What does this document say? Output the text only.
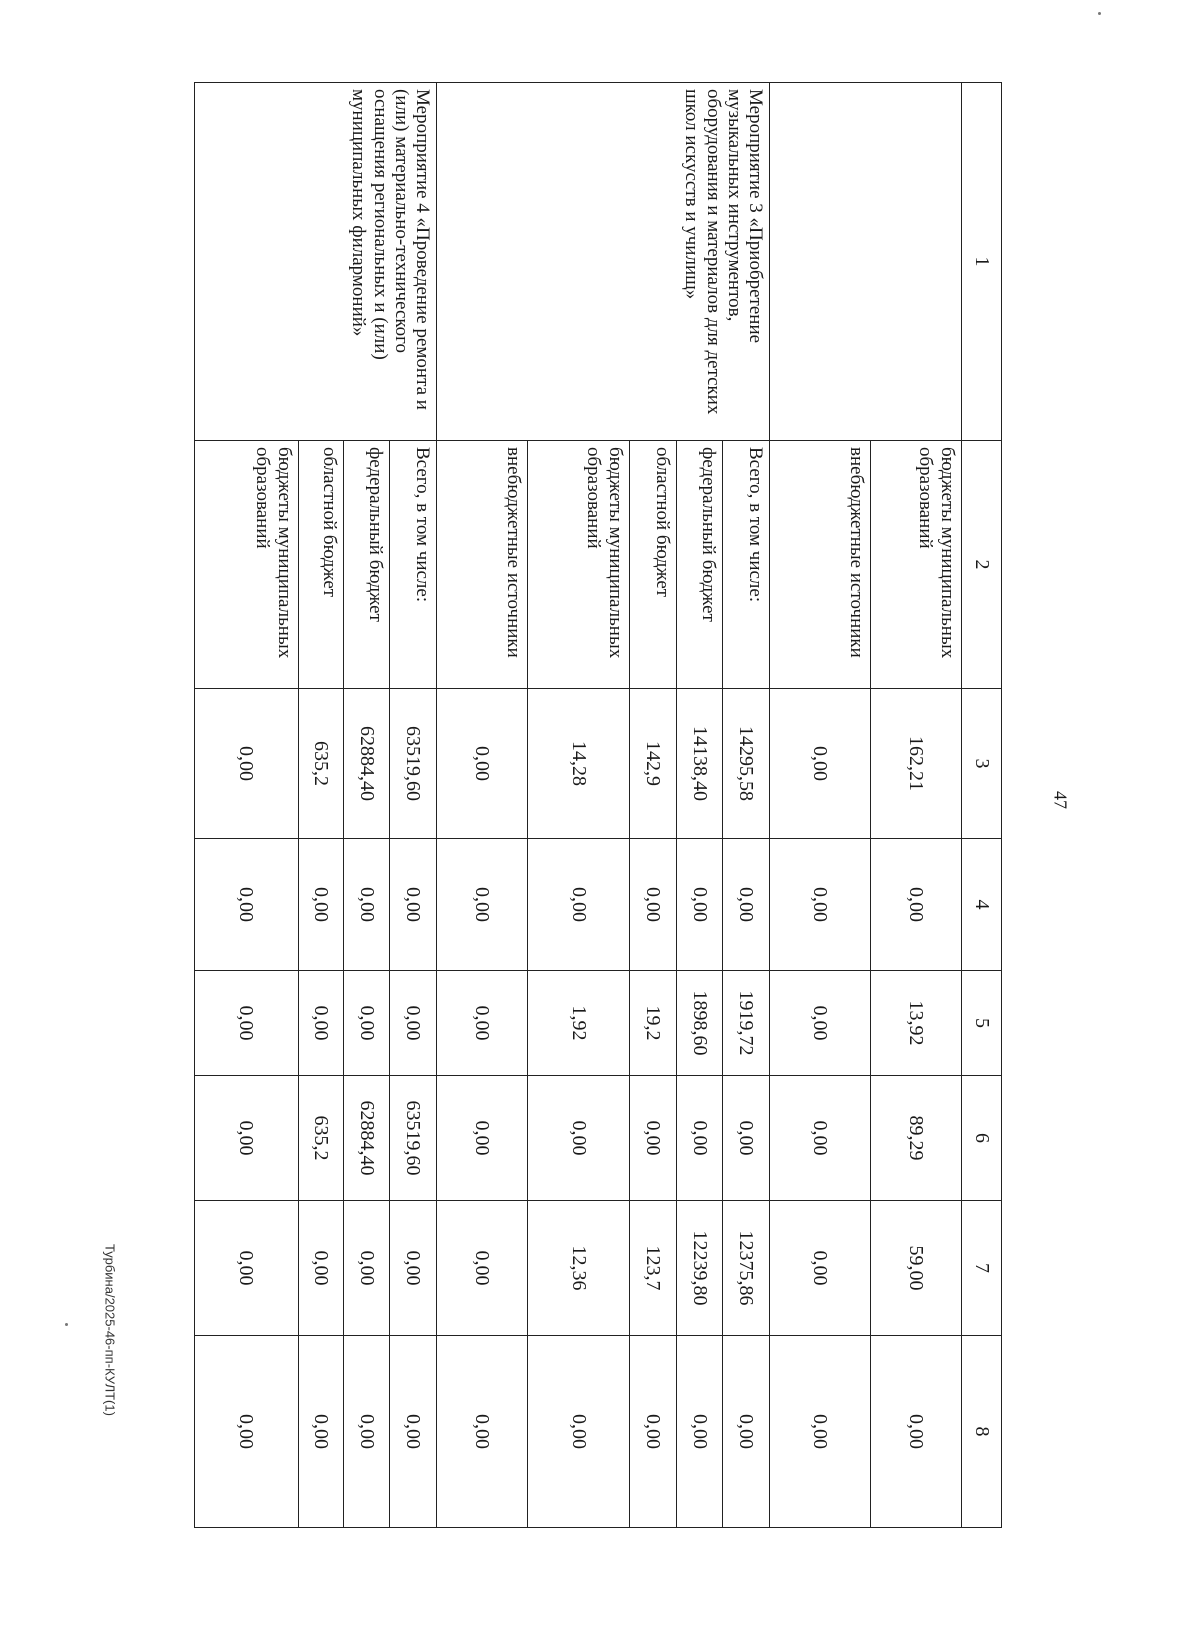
47
Турбина/2025-46-пп-КУЛТ(1)
1	2	3	4	5	6	7	8
	бюджеты муниципальных образований	162,21	0,00	13,92	89,29	59,00	0,00
	внебюджетные источники	0,00	0,00	0,00	0,00	0,00	0,00
Мероприятие 3 «Приобретение музыкальных инструментов, оборудования и материалов для детских школ искусств и училищ»	Всего, в том числе:	14295,58	0,00	1919,72	0,00	12375,86	0,00
	федеральный бюджет	14138,40	0,00	1898,60	0,00	12239,80	0,00
	областной бюджет	142,9	0,00	19,2	0,00	123,7	0,00
	бюджеты муниципальных образований	14,28	0,00	1,92	0,00	12,36	0,00
	внебюджетные источники	0,00	0,00	0,00	0,00	0,00	0,00
Мероприятие 4 «Проведение ремонта и (или) материально-технического оснащения региональных и (или) муниципальных филармоний»	Всего, в том числе:	63519,60	0,00	0,00	63519,60	0,00	0,00
	федеральный бюджет	62884,40	0,00	0,00	62884,40	0,00	0,00
	областной бюджет	635,2	0,00	0,00	635,2	0,00	0,00
	бюджеты муниципальных образований	0,00	0,00	0,00	0,00	0,00	0,00
